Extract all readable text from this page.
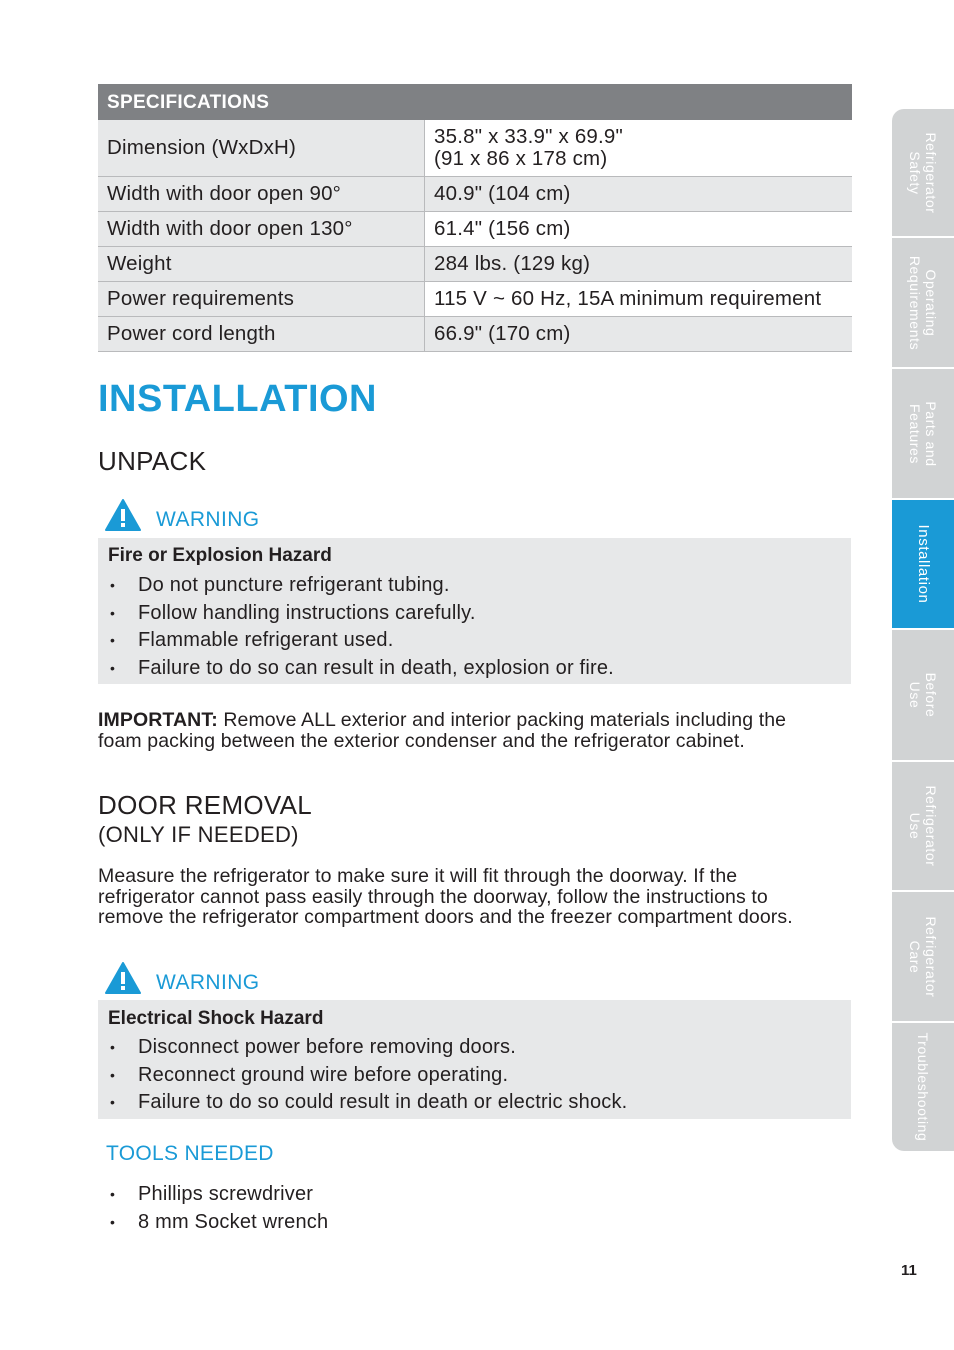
SPECIFICATIONS	
Dimension (WxDxH)	35.8" x 33.9" x 69.9"
(91 x 86 x 178 cm)

Width with door open 90°	40.9" (104 cm)
Width with door open 130°	61.4" (156 cm)
Weight	284 lbs. (129 kg)
Power requirements	115 V ~ 60 Hz, 15A minimum requirement
Power cord length	66.9" (170 cm)
INSTALLATION
UNPACK
WARNING
Fire or Explosion Hazard
• Do not puncture refrigerant tubing.
• Follow handling instructions carefully.
• Flammable refrigerant used.
• Failure to do so can result in death, explosion or fire.

IMPORTANT: Remove ALL exterior and interior packing materials including the foam packing between the exterior condenser and the refrigerator cabinet.

DOOR REMOVAL
(ONLY IF NEEDED)

Measure the refrigerator to make sure it will fit through the doorway. If the refrigerator cannot pass easily through the doorway, follow the instructions to remove the refrigerator compartment doors and the freezer compartment doors.

WARNING
Electrical Shock Hazard
• Disconnect power before removing doors.
• Reconnect ground wire before operating.
• Failure to do so could result in death or electric shock.
TOOLS NEEDED
• Phillips screwdriver
• 8 mm Socket wrench
Refrigerator
Safety
Operating
Requirements
Parts and
Features
Installation
Before
Use
Refrigerator
Use
Refrigerator
Care
Troubleshooting
11
